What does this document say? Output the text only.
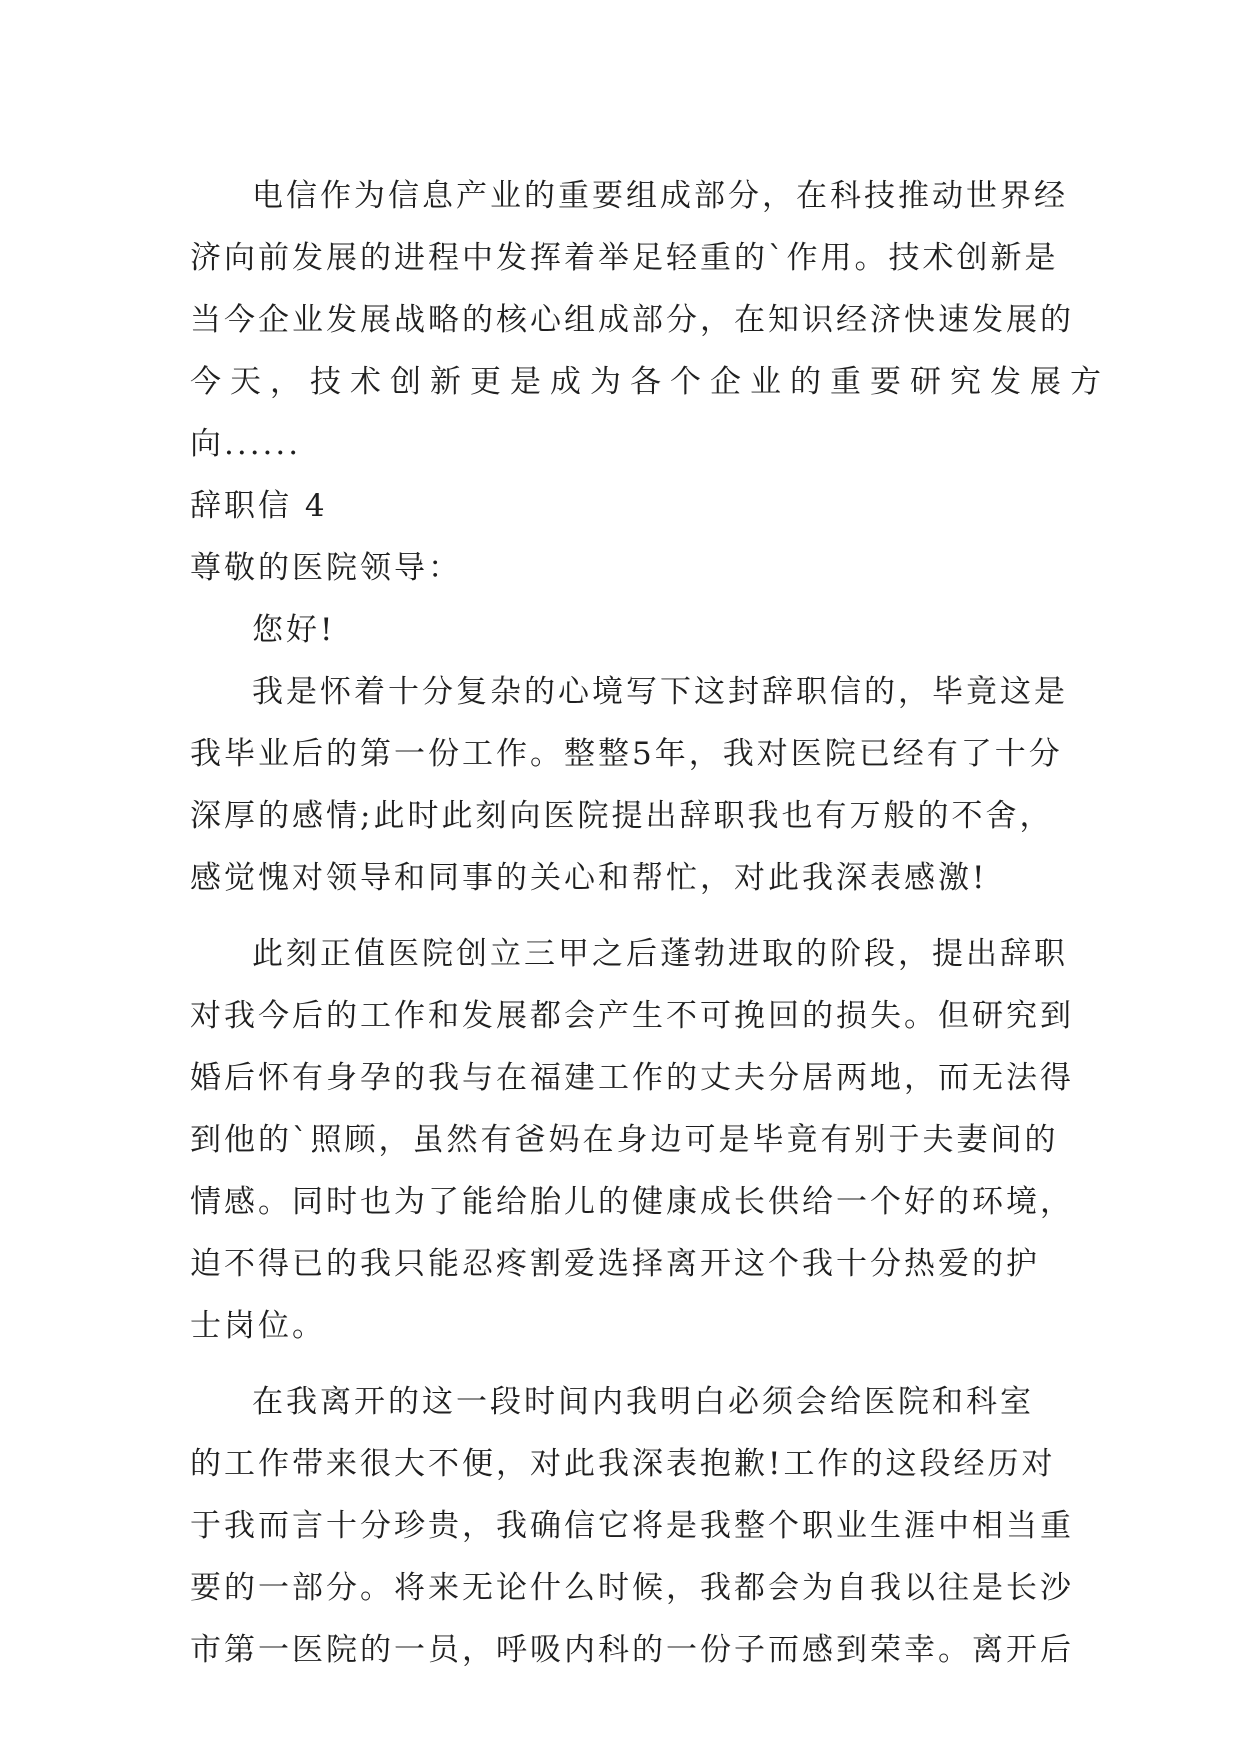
电信作为信息产业的重要组成部分，在科技推动世界经

济向前发展的进程中发挥着举足轻重的`作用。技术创新是

当今企业发展战略的核心组成部分，在知识经济快速发展的

今天，技术创新更是成为各个企业的重要研究发展方

向......

辞职信 4

尊敬的医院领导：

您好!

我是怀着十分复杂的心境写下这封辞职信的，毕竟这是

我毕业后的第一份工作。整整5年，我对医院已经有了十分

深厚的感情;此时此刻向医院提出辞职我也有万般的不舍，

感觉愧对领导和同事的关心和帮忙，对此我深表感激!

此刻正值医院创立三甲之后蓬勃进取的阶段，提出辞职

对我今后的工作和发展都会产生不可挽回的损失。但研究到

婚后怀有身孕的我与在福建工作的丈夫分居两地，而无法得

到他的`照顾，虽然有爸妈在身边可是毕竟有别于夫妻间的

情感。同时也为了能给胎儿的健康成长供给一个好的环境，

迫不得已的我只能忍疼割爱选择离开这个我十分热爱的护

士岗位。

在我离开的这一段时间内我明白必须会给医院和科室

的工作带来很大不便，对此我深表抱歉!工作的这段经历对

于我而言十分珍贵，我确信它将是我整个职业生涯中相当重

要的一部分。将来无论什么时候，我都会为自我以往是长沙

市第一医院的一员，呼吸内科的一份子而感到荣幸。离开后
